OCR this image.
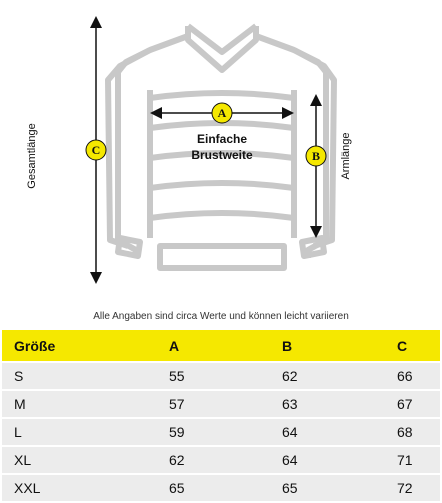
A
B
C
Gesamtlänge	Armlänge
Einfache
Brustweite
Alle Angaben sind circa Werte und können leicht variieren
Größe	A	B	C
S	55	62	66
M	57	63	67
L	59	64	68
XL	62	64	71
XXL	65	65	72
